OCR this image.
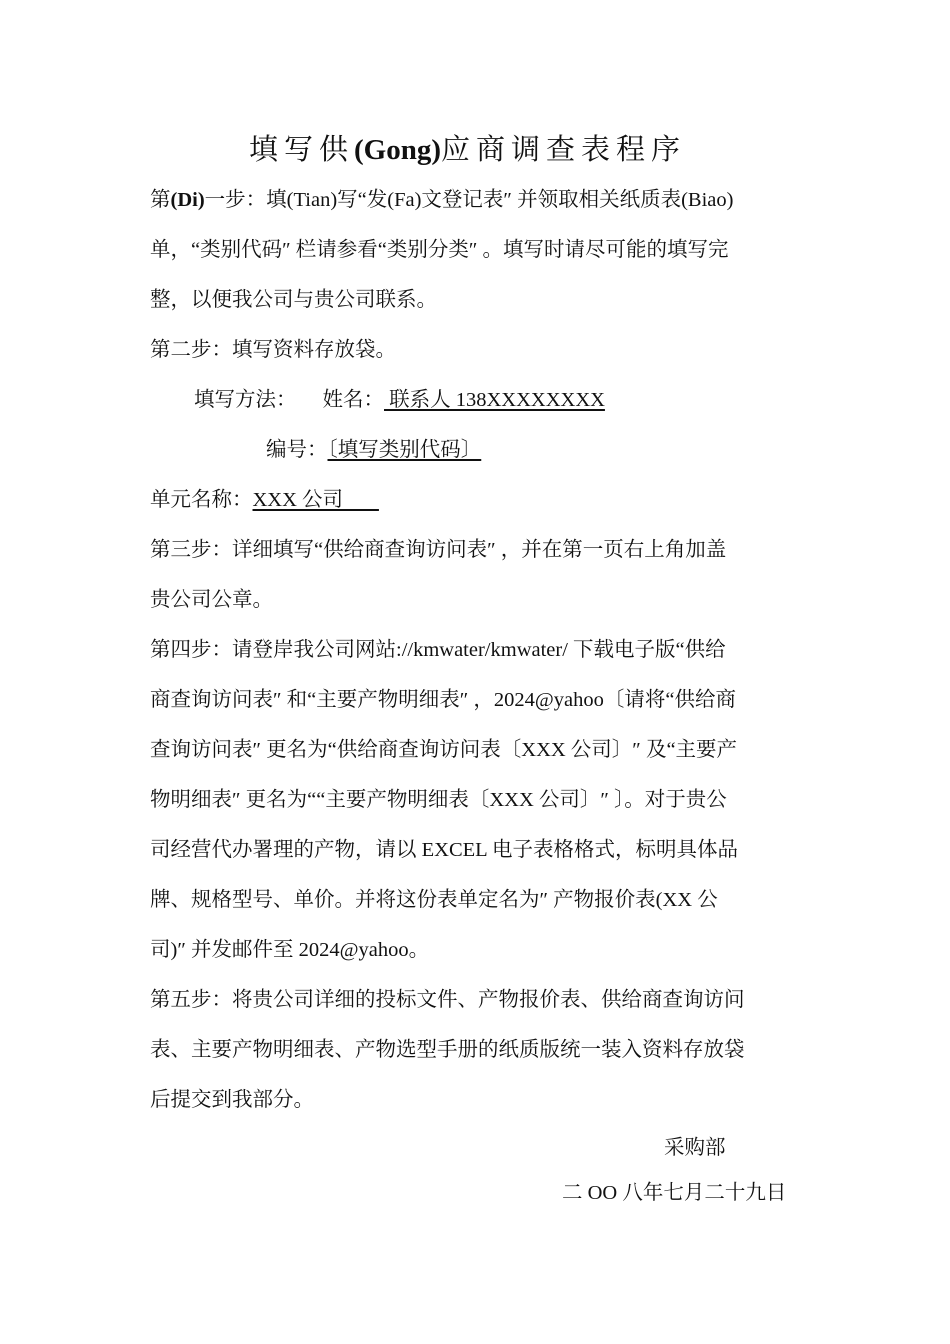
填写供(Gong)应商调查表程序
第(Di)一步：填(Tian)写“发(Fa)文登记表″ 并领取相关纸质表(Biao)
单，“类别代码″ 栏请参看“类别分类″ 。填写时请尽可能的填写完
整，以便我公司与贵公司联系。
第二步：填写资料存放袋。
填写方法： 姓名： 联系人 138XXXXXXXX
编号：〔填写类别代码〕
单元名称：XXX 公司
第三步：详细填写“供给商查询访问表″ ，并在第一页右上角加盖
贵公司公章。
第四步：请登岸我公司网站://kmwater/kmwater/ 下载电子版“供给
商查询访问表″ 和“主要产物明细表″ ，2024@yahoo〔请将“供给商
查询访问表″ 更名为“供给商查询访问表〔XXX 公司〕″ 及“主要产
物明细表″ 更名为““主要产物明细表〔XXX 公司〕″ 〕。对于贵公
司经营代办署理的产物，请以 EXCEL 电子表格格式，标明具体品
牌、规格型号、单价。并将这份表单定名为″ 产物报价表(XX 公
司)″ 并发邮件至 2024@yahoo。
第五步：将贵公司详细的投标文件、产物报价表、供给商查询访问
表、主要产物明细表、产物选型手册的纸质版统一装入资料存放袋
后提交到我部分。
采购部
二 OO 八年七月二十九日
